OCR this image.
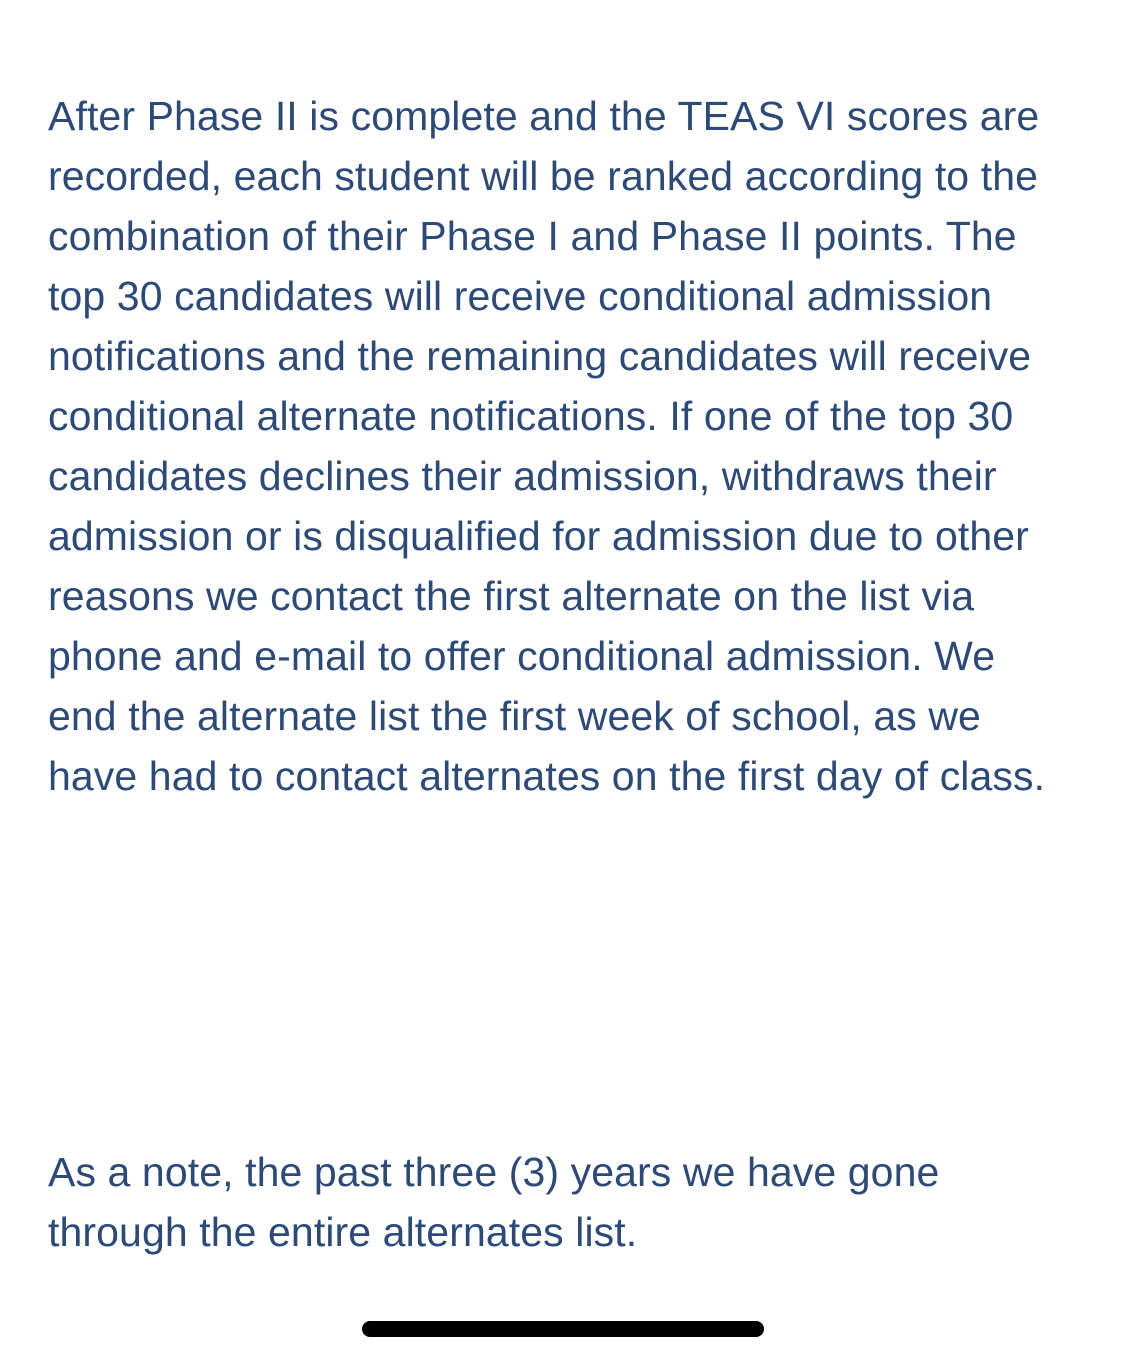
After Phase II is complete and the TEAS VI scores are recorded, each student will be ranked according to the combination of their Phase I and Phase II points. The top 30 candidates will receive conditional admission notifications and the remaining candidates will receive conditional alternate notifications. If one of the top 30 candidates declines their admission, withdraws their admission or is disqualified for admission due to other reasons we contact the first alternate on the list via phone and e-mail to offer conditional admission. We end the alternate list the first week of school, as we have had to contact alternates on the first day of class.

As a note, the past three (3) years we have gone through the entire alternates list.
